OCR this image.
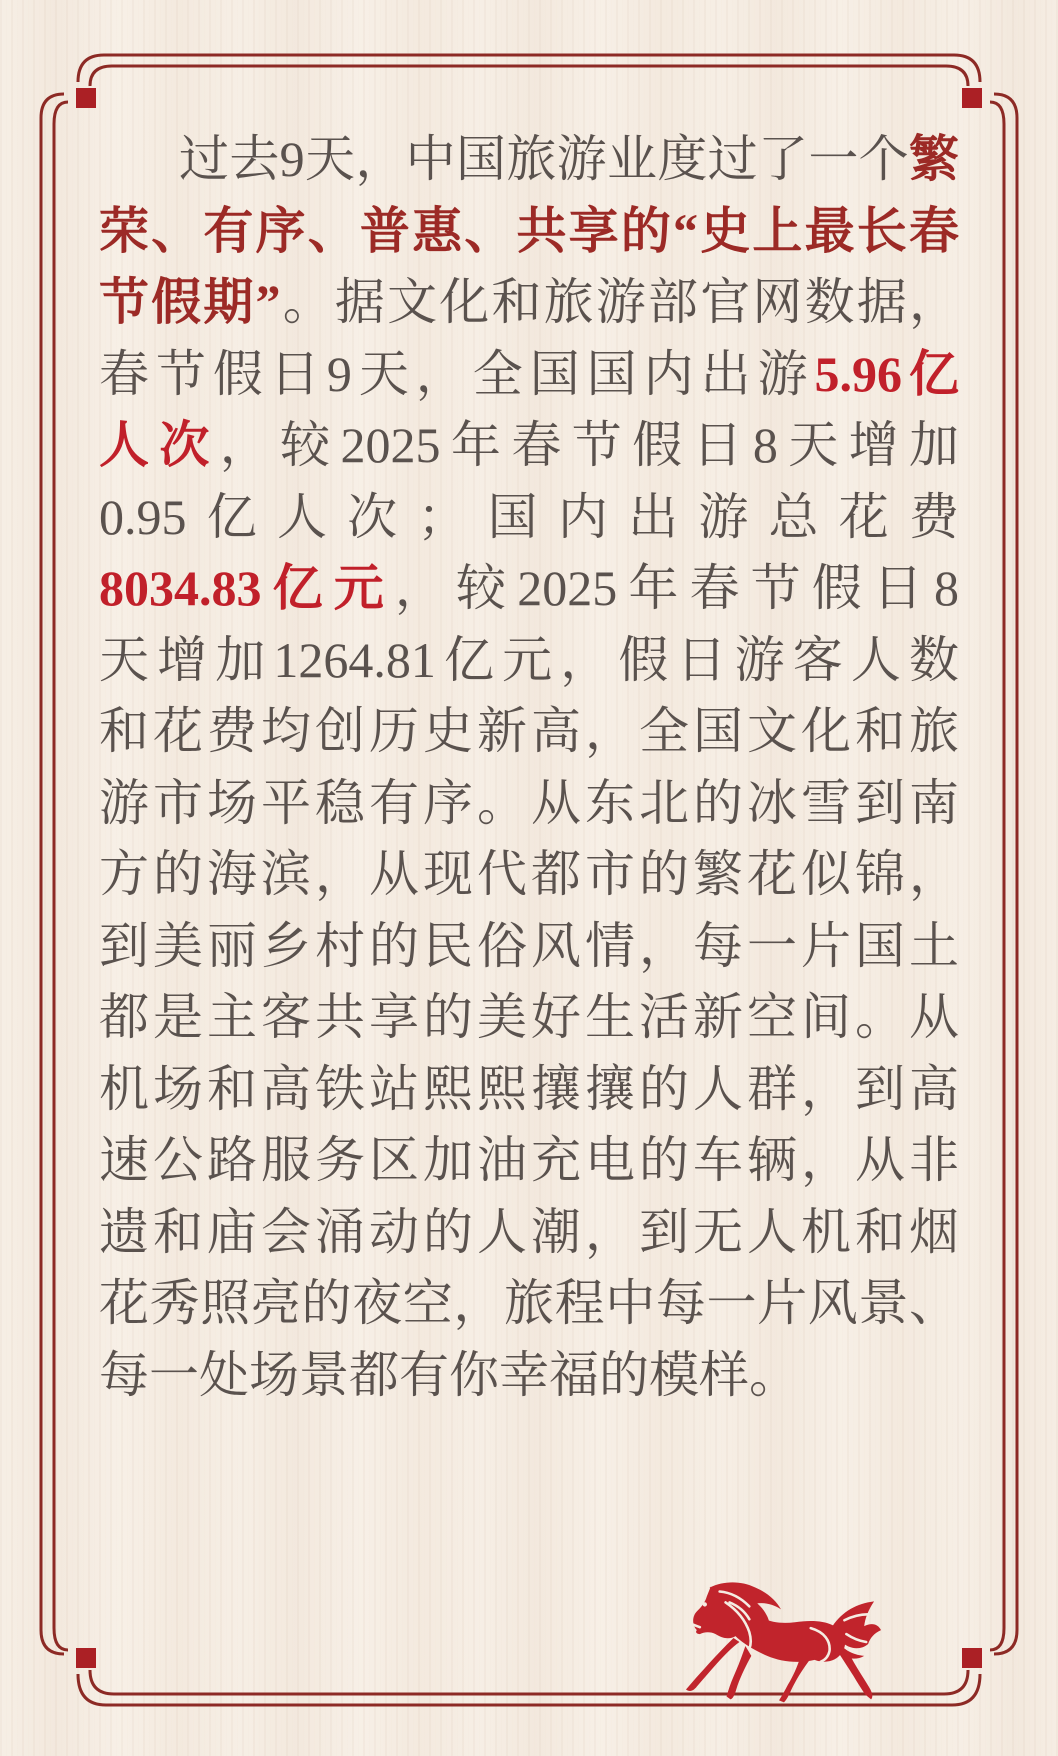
过去9天，中国旅游业度过了一个繁
荣、有序、普惠、共享的“史上最长春
节假期”。据文化和旅游部官网数据，
春节假日9天，全国国内出游5.96亿
人次，较2025年春节假日8天增加
0.95亿人次；国内出游总花费
8034.83亿元，较2025年春节假日8
天增加1264.81亿元，假日游客人数
和花费均创历史新高，全国文化和旅
游市场平稳有序。从东北的冰雪到南
方的海滨，从现代都市的繁花似锦，
到美丽乡村的民俗风情，每一片国土
都是主客共享的美好生活新空间。从
机场和高铁站熙熙攘攘的人群，到高
速公路服务区加油充电的车辆，从非
遗和庙会涌动的人潮，到无人机和烟
花秀照亮的夜空，旅程中每一片风景、
每一处场景都有你幸福的模样。
